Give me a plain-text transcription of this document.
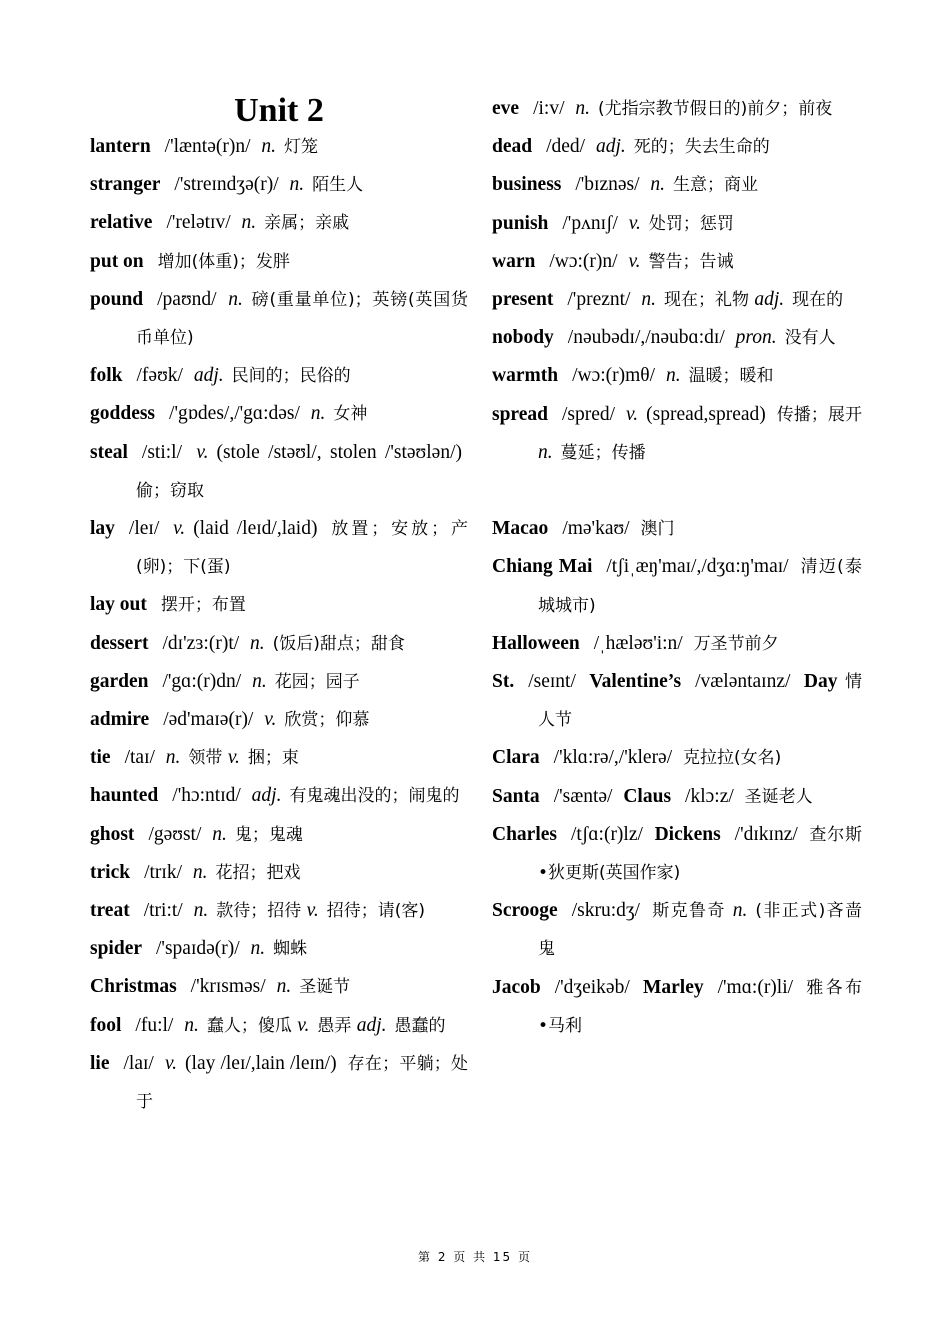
Unit 2
lantern /'læntə(r)n/ n. 灯笼
stranger /'streɪndʒə(r)/ n. 陌生人
relative /'relətɪv/ n. 亲属；亲戚
put on 增加(体重)；发胖
pound /paʊnd/ n. 磅(重量单位)；英镑(英国货币单位)
folk /fəʊk/ adj. 民间的；民俗的
goddess /'gɒdes/,/'gɑ:dəs/ n. 女神
steal /sti:l/ v. (stole /stəʊl/, stolen /'stəʊlən/) 偷；窃取
lay /leɪ/ v. (laid /leɪd/,laid) 放置；安放；产(卵)；下(蛋)
lay out 摆开；布置
dessert /dɪ'zɜ:(r)t/ n. (饭后)甜点；甜食
garden /'gɑ:(r)dn/ n. 花园；园子
admire /əd'maɪə(r)/ v. 欣赏；仰慕
tie /taɪ/ n. 领带 v. 捆；束
haunted /'hɔ:ntɪd/ adj. 有鬼魂出没的；闹鬼的
ghost /gəʊst/ n. 鬼；鬼魂
trick /trɪk/ n. 花招；把戏
treat /tri:t/ n. 款待；招待 v. 招待；请(客)
spider /'spaɪdə(r)/ n. 蜘蛛
Christmas /'krɪsməs/ n. 圣诞节
fool /fu:l/ n. 蠢人；傻瓜 v. 愚弄 adj. 愚蠢的
lie /laɪ/ v. (lay /leɪ/,lain /leɪn/) 存在；平躺；处于
eve /i:v/ n. (尤指宗教节假日的)前夕；前夜
dead /ded/ adj. 死的；失去生命的
business /'bɪznəs/ n. 生意；商业
punish /'pʌnɪʃ/ v. 处罚；惩罚
warn /wɔ:(r)n/ v. 警告；告诫
present /'preznt/ n. 现在；礼物 adj. 现在的
nobody /nəubədɪ/,/nəubɑ:dɪ/ pron. 没有人
warmth /wɔ:(r)mθ/ n. 温暖；暖和
spread /spred/ v. (spread,spread) 传播；展开 n. 蔓延；传播
Macao /mə'kaʊ/ 澳门
Chiang Mai /tʃiˌæŋ'maɪ/,/dʒɑ:ŋ'maɪ/ 清迈(泰城城市)
Halloween /ˌhæləʊ'i:n/ 万圣节前夕
St. /seɪnt/ Valentine’s /væləntaɪnz/ Day 情人节
Clara /'klɑ:rə/,/'klerə/ 克拉拉(女名)
Santa /'sæntə/ Claus /klɔ:z/ 圣诞老人
Charles /tʃɑ:(r)lz/ Dickens /'dɪkɪnz/ 查尔斯•狄更斯(英国作家)
Scrooge /skru:dʒ/ 斯克鲁奇 n. (非正式)吝啬鬼
Jacob /'dʒeikəb/ Marley /'mɑ:(r)li/ 雅各布•马利
第 2 页 共 15 页
